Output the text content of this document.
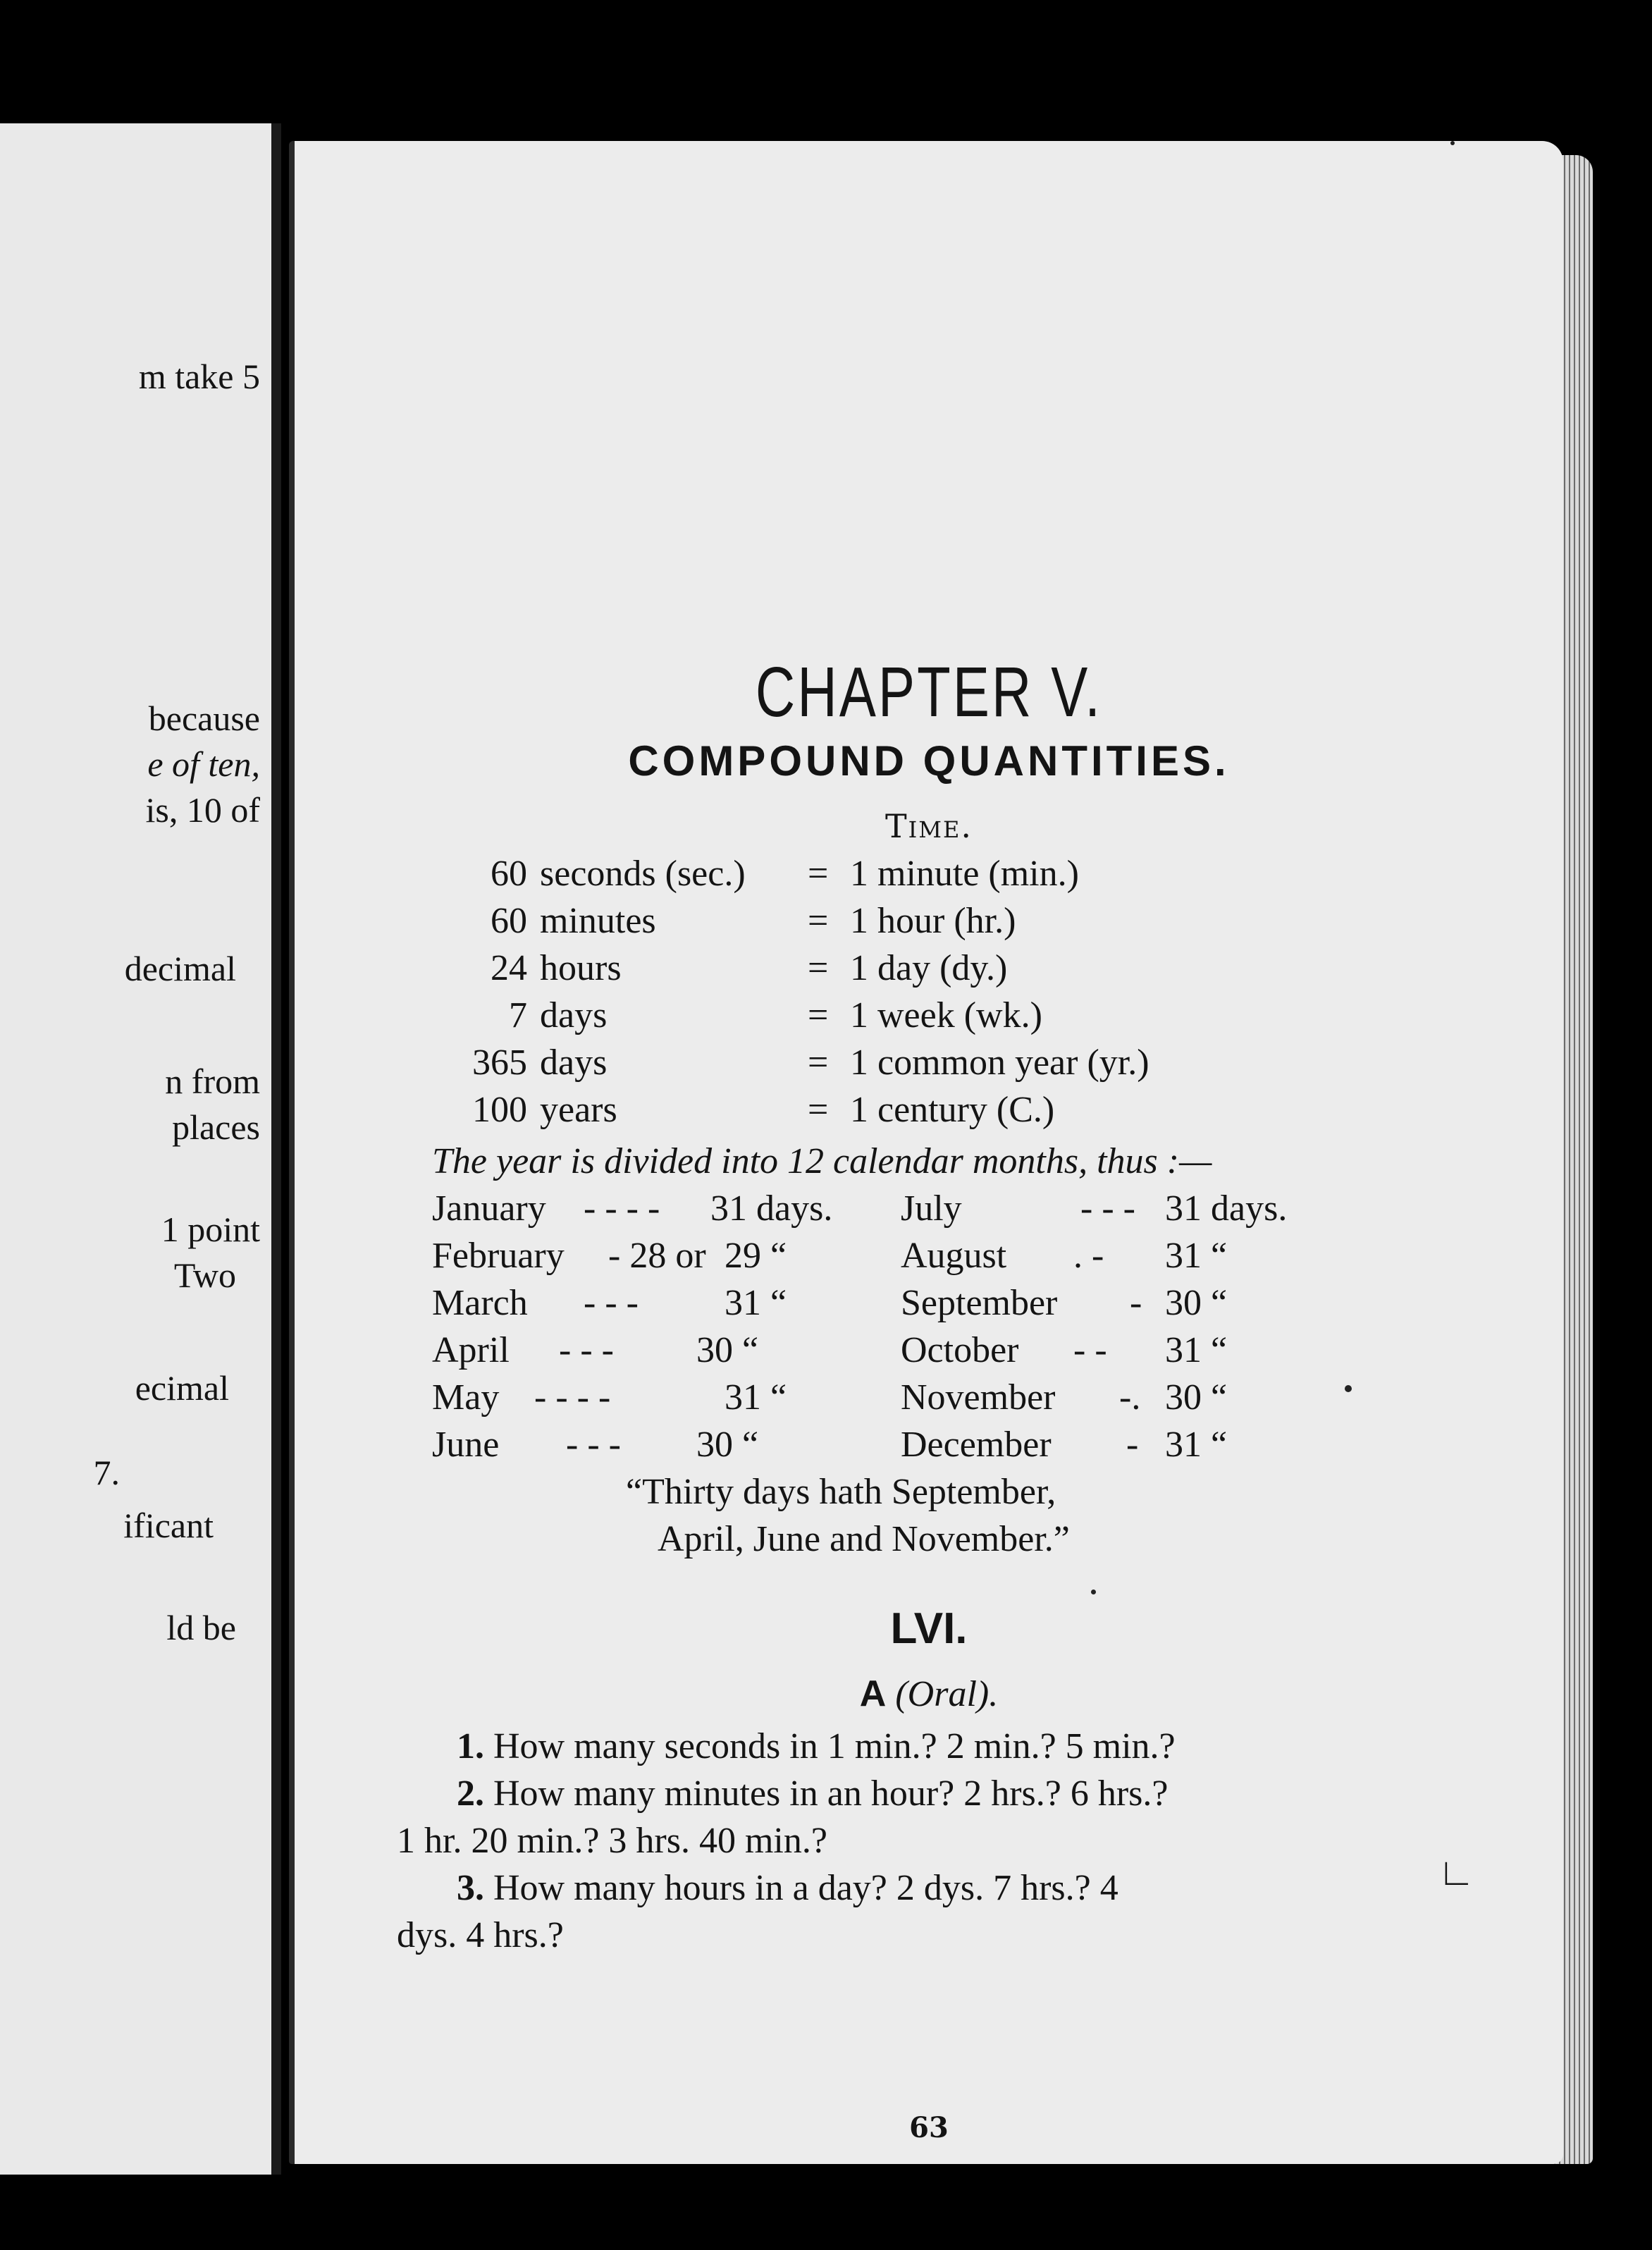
m take 5
because
e of ten,
is, 10 of
decimal
n from
places
1 point
Two
ecimal
7.
ificant
ld be
CHAPTER V.
COMPOUND QUANTITIES.
Time.
60 seconds (sec.)	= 1 minute (min.)
60 minutes	= 1 hour (hr.)
24 hours	= 1 day (dy.)
7 days	= 1 week (wk.)
365 days	= 1 common year (yr.)
100 years	= 1 century (C.)
The year is divided into 12 calendar months, thus :—
January	- - - -	31 days.	July	- - - 31 days.
February	- 28 or 29 “	August	. -	31 “
March	- - -	31 “	September	- 30 “
April	- - -	30 “	October	- -	31 “
May - - - -	31 “	November	-. 30 “
June	- - -	30 “	December	- 31 “
“Thirty days hath September,
April, June and November.”
LVI.
A (Oral).
1. How many seconds in 1 min.? 2 min.? 5 min.?
2. How many minutes in an hour? 2 hrs.? 6 hrs.?
1 hr. 20 min.? 3 hrs. 40 min.?
3. How many hours in a day? 2 dys. 7 hrs.? 4
dys. 4 hrs.?
63
∟
